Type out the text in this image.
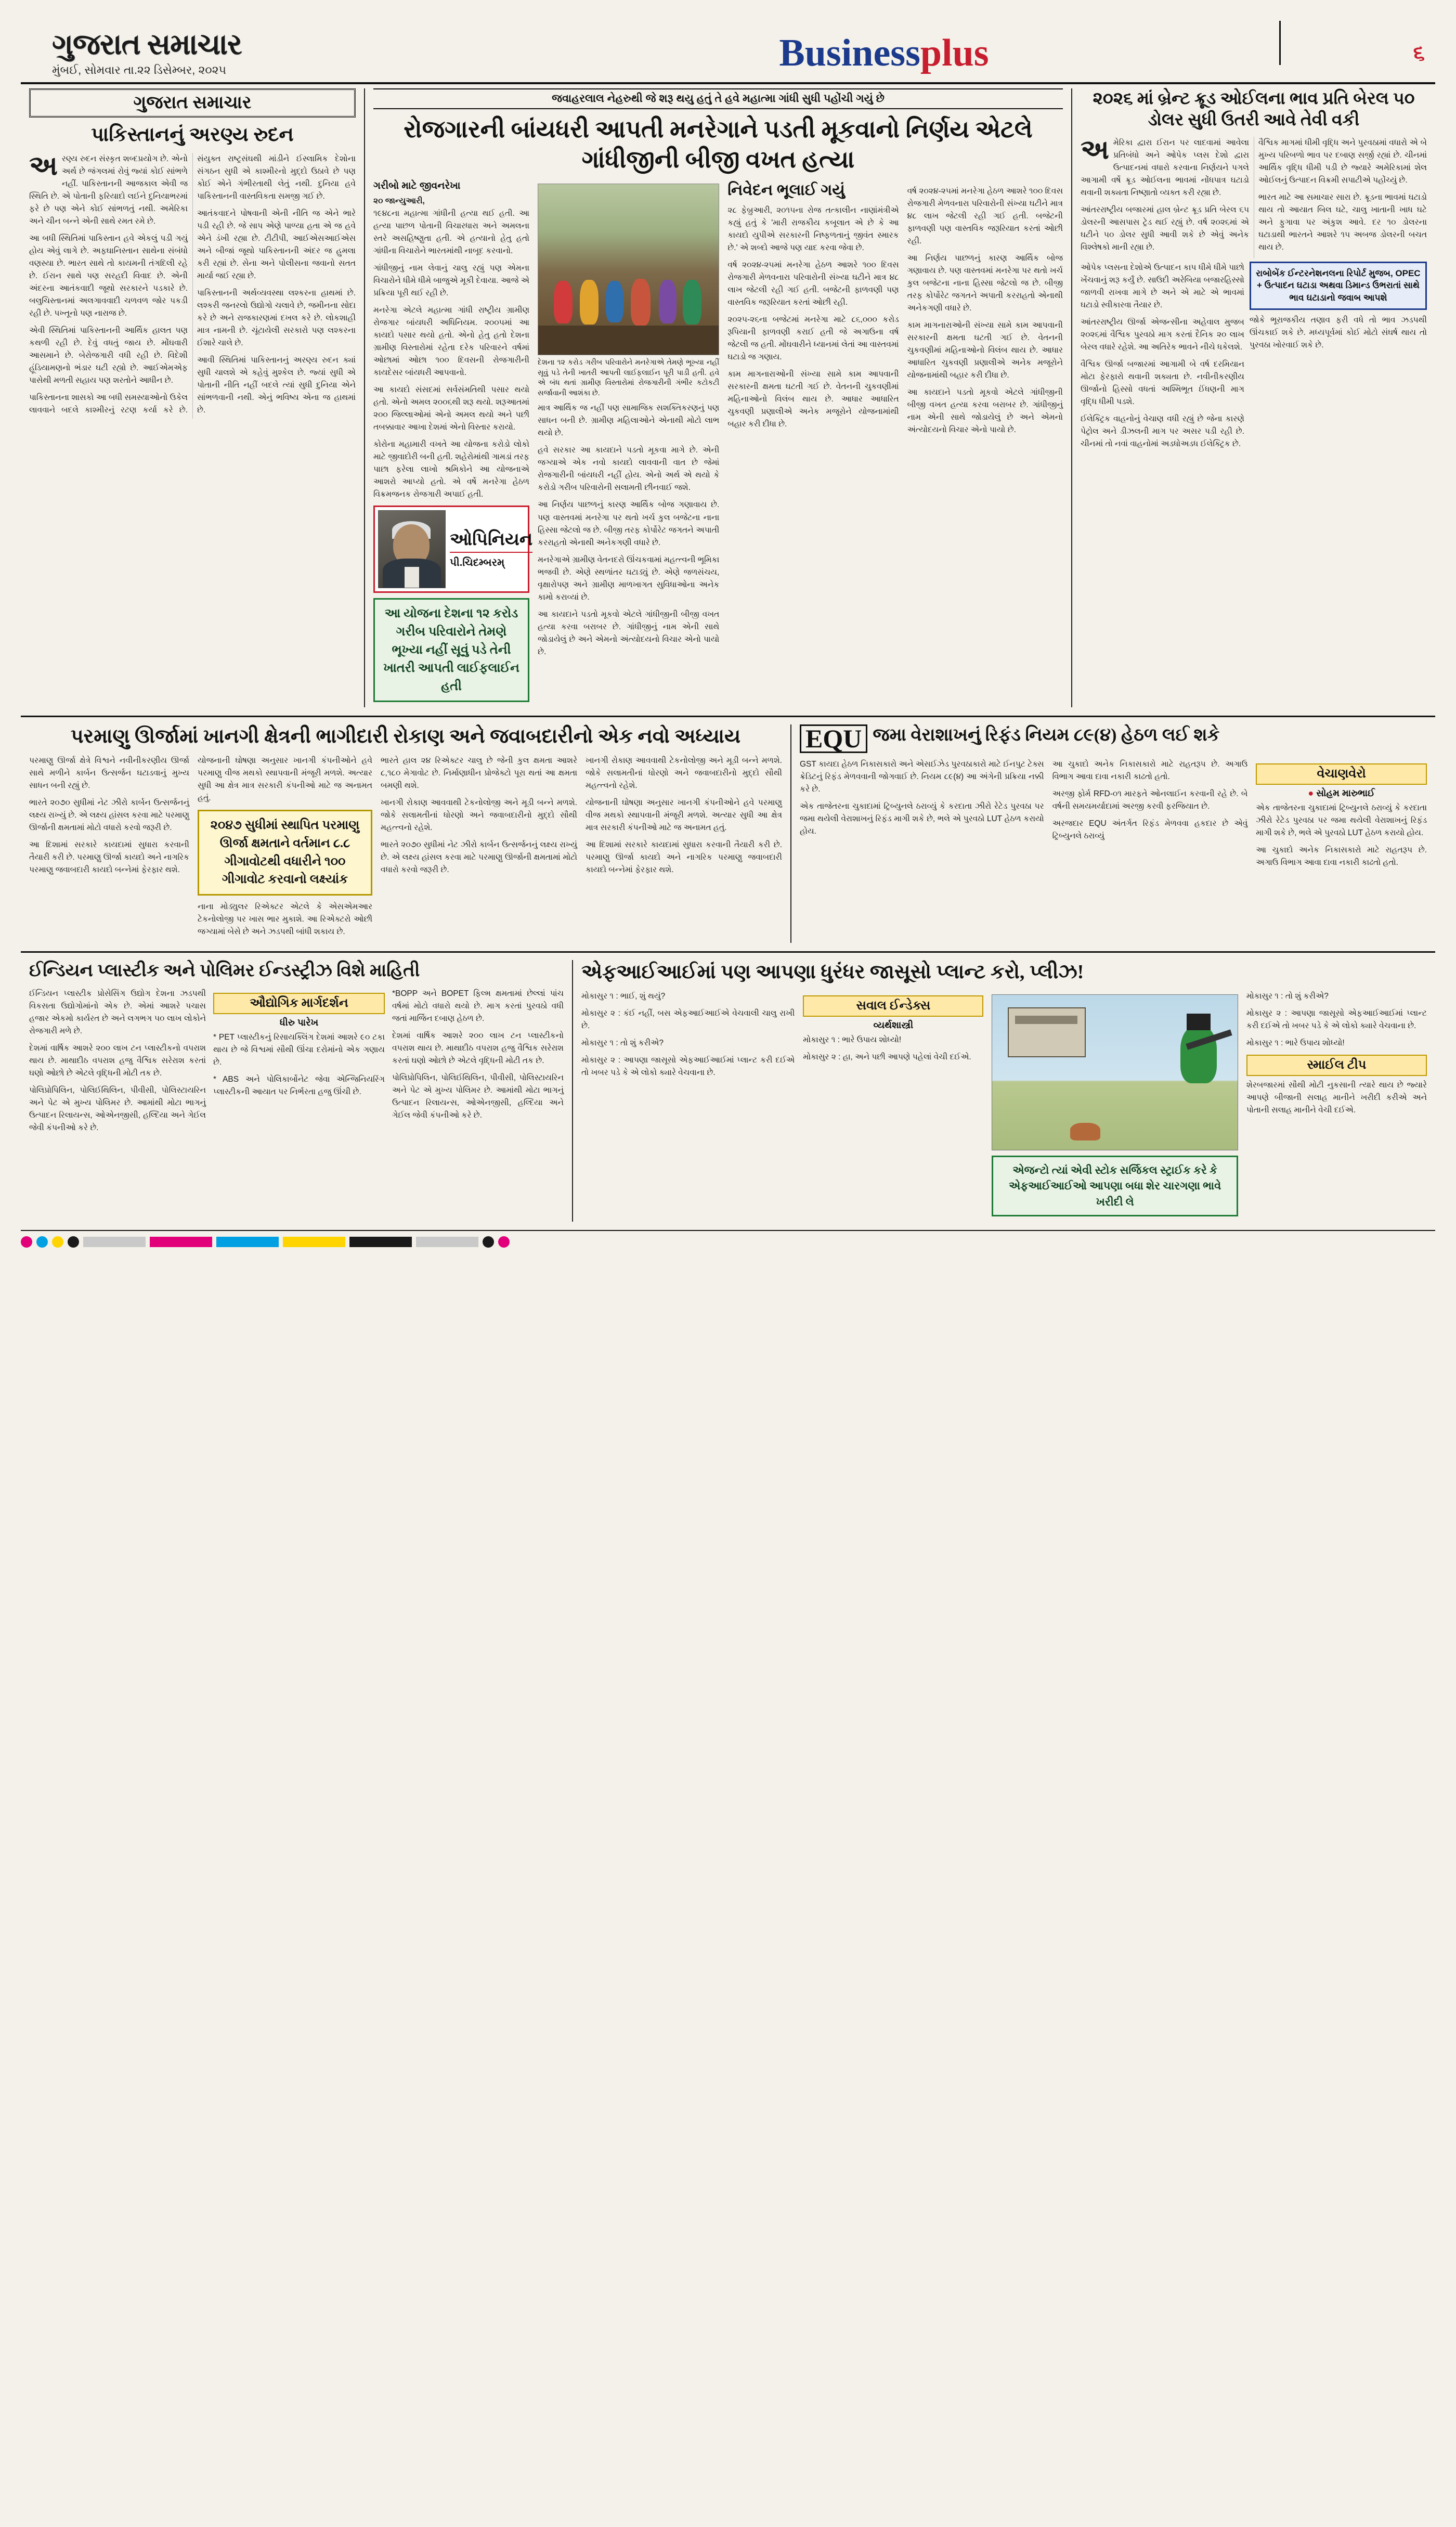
ગુજરાત સમાચાર
મુંબઈ, સોમવાર તા.૨૨ ડિસેમ્બર, ૨૦૨૫	Businessplus	૬
ગુજરાત સમાચાર
પાકિસ્તાનનું અરણ્ય રુદન

અરણ્ય રુદન સંસ્કૃત શબ્દપ્રયોગ છે. એનો અર્થ છે જંગલમાં રોવું જ્યાં કોઈ સાંભળે નહીં. પાકિસ્તાનની આજકાલ એવી જ સ્થિતિ છે. એ પોતાની ફરિયાદો લઈને દુનિયાભરમાં ફરે છે પણ એને કોઈ સાંભળતું નથી. અમેરિકા અને ચીન બન્ને એની સાથે રમત રમે છે.

આ બધી સ્થિતિમાં પાકિસ્તાન હવે એકલું પડી ગયું હોય એવું લાગે છે. અફઘાનિસ્તાન સાથેના સંબંધો વણસ્યા છે. ભારત સાથે તો કાયમની તંગદિલી રહે છે. ઈરાન સાથે પણ સરહદી વિવાદ છે. એની અંદરના આતંકવાદી જૂથો સરકારને પડકારે છે. બલુચિસ્તાનમાં અલગાવવાદી ચળવળ જોર પકડી રહી છે. પખ્તૂનો પણ નારાજ છે.

એવી સ્થિતિમાં પાકિસ્તાનની આર્થિક હાલત પણ કથળી રહી છે. દેવું વધતું જાય છે. મોંઘવારી આસમાને છે. બેરોજગારી વધી રહી છે. વિદેશી હૂંડિયામણનો ભંડાર ઘટી રહ્યો છે. આઈએમએફ પાસેથી મળતી સહાય પણ શરતોને આધીન છે.

પાકિસ્તાનના શાસકો આ બધી સમસ્યાઓનો ઉકેલ લાવવાને બદલે કાશ્મીરનું રટણ કર્યા કરે છે. સંયુક્ત રાષ્ટ્રસંઘથી માંડીને ઈસ્લામિક દેશોના સંગઠન સુધી એ કાશ્મીરનો મુદ્દો ઉઠાવે છે પણ કોઈ એને ગંભીરતાથી લેતું નથી. દુનિયા હવે પાકિસ્તાનની વાસ્તવિકતા સમજી ગઈ છે.

આતંકવાદને પોષવાની એની નીતિ જ એને ભારે પડી રહી છે. જે સાપ એણે પાળ્યા હતા એ જ હવે એને ડંખી રહ્યા છે. ટીટીપી, આઈએસઆઈએસ અને બીજાં જૂથો પાકિસ્તાનની અંદર જ હુમલા કરી રહ્યાં છે. સેના અને પોલીસના જવાનો સતત માર્યા જઈ રહ્યા છે.

પાકિસ્તાનની અર્થવ્યવસ્થા લશ્કરના હાથમાં છે. લશ્કરી જનરલો ઉદ્યોગો ચલાવે છે, જમીનના સોદા કરે છે અને રાજકારણમાં દખલ કરે છે. લોકશાહી માત્ર નામની છે. ચૂંટાયેલી સરકારો પણ લશ્કરના ઈશારે ચાલે છે.

આવી સ્થિતિમાં પાકિસ્તાનનું અરણ્ય રુદન ક્યાં સુધી ચાલશે એ કહેવું મુશ્કેલ છે. જ્યાં સુધી એ પોતાની નીતિ નહીં બદલે ત્યાં સુધી દુનિયા એને સાંભળવાની નથી. એનું ભવિષ્ય એના જ હાથમાં છે.

જવાહરલાલ નેહરુથી જે શરૂ થયુ હતું તે હવે મહાત્મા ગાંધી સુધી પહોંચી ગયું છે
રોજગારની બાંયધરી આપતી મનરેગાને પડતી મૂકવાનો નિર્ણય એટલે ગાંધીજીની બીજી વખત હત્યા
ગરીબો માટે જીવનરેખા

૨૦ જાન્યુઆરી,

૧૯૪૮ના મહાત્મા ગાંધીની હત્યા થઈ હતી. આ હત્યા પાછળ પોતાની વિચારધારા અને અમલના સ્તરે અસહિષ્ણુતા હતી. એ હત્યાનો હેતુ હતો ગાંધીના વિચારોને ભારતમાંથી નાબૂદ કરવાનો.

ગાંધીજીનું નામ લેવાનું ચાલુ રહ્યું પણ એમના વિચારોને ધીમે ધીમે બાજુએ મૂકી દેવાયા. આજે એ પ્રક્રિયા પૂરી થઈ રહી છે.

મનરેગા એટલે મહાત્મા ગાંધી રાષ્ટ્રીય ગ્રામીણ રોજગાર બાંયધરી અધિનિયમ. ૨૦૦૫માં આ કાયદો પસાર થયો હતો. એનો હેતુ હતો દેશના ગ્રામીણ વિસ્તારોમાં રહેતા દરેક પરિવારને વર્ષમાં ઓછામાં ઓછા ૧૦૦ દિવસની રોજગારીની કાયદેસર બાંયધરી આપવાનો.

આ કાયદો સંસદમાં સર્વસંમતિથી પસાર થયો હતો. એનો અમલ ૨૦૦૬થી શરૂ થયો. શરૂઆતમાં ૨૦૦ જિલ્લાઓમાં એનો અમલ થયો અને પછી તબક્કાવાર આખા દેશમાં એનો વિસ્તાર કરાયો.

કોરોના મહામારી વખતે આ યોજના કરોડો લોકો માટે જીવાદોરી બની હતી. શહેરોમાંથી ગામડાં તરફ પાછા ફરેલા લાખો શ્રમિકોને આ યોજનાએ આશરો આપ્યો હતો. એ વર્ષે મનરેગા હેઠળ વિક્રમજનક રોજગારી અપાઈ હતી.

ઓપિનિયન
પી.ચિદમ્બરમ્
આ યોજના દેશના ૧૨ કરોડ ગરીબ પરિવારોને તેમણે ભૂખ્યા નહીં સૂવું પડે તેની ખાતરી આપતી લાઈફલાઈન હતી
દેશના ૧૨ કરોડ ગરીબ પરિવારોને મનરેગાએ તેમણે ભૂખ્યા નહીં સૂવું પડે તેની ખાતરી આપતી લાઈફલાઈન પૂરી પાડી હતી. હવે એ બંધ થતાં ગ્રામીણ વિસ્તારોમાં રોજગારીની ગંભીર કટોકટી સર્જાવાની આશંકા છે.

માત્ર આર્થિક જ નહીં પણ સામાજિક સશક્તિકરણનું પણ સાધન બની છે. ગ્રામીણ મહિલાઓને એનાથી મોટો લાભ થયો છે.

હવે સરકાર આ કાયદાને પડતો મૂકવા માગે છે. એની જગ્યાએ એક નવો કાયદો લાવવાની વાત છે જેમાં રોજગારીની બાંયધરી નહીં હોય. એનો અર્થ એ થયો કે કરોડો ગરીબ પરિવારોની સલામતી છીનવાઈ જશે.

આ નિર્ણય પાછળનું કારણ આર્થિક બોજ ગણાવાય છે. પણ વાસ્તવમાં મનરેગા પર થતો ખર્ચ કુલ બજેટના નાના હિસ્સા જેટલો જ છે. બીજી તરફ કોર્પોરેટ જગતને અપાતી કરરાહતો એનાથી અનેકગણી વધારે છે.

મનરેગાએ ગ્રામીણ વેતનદરો ઊંચકવામાં મહત્ત્વની ભૂમિકા ભજવી છે. એણે સ્થળાંતર ઘટાડ્યું છે. એણે જળસંચય, વૃક્ષારોપણ અને ગ્રામીણ માળખાગત સુવિધાઓના અનેક કામો કરાવ્યાં છે.

આ કાયદાને પડતો મૂકવો એટલે ગાંધીજીની બીજી વખત હત્યા કરવા બરાબર છે. ગાંધીજીનું નામ એની સાથે જોડાયેલું છે અને એમનો અંત્યોદયનો વિચાર એનો પાયો છે.

નિવેદન ભૂલાઈ ગયું

૨૮ ફેબ્રુઆરી, ૨૦૧૫ના રોજ તત્કાલીન નાણાંમંત્રીએ કહ્યું હતું કે 'મારી રાજકીય કબૂલાત એ છે કે આ કાયદો યુપીએ સરકારની નિષ્ફળતાનું જીવંત સ્મારક છે.' એ શબ્દો આજે પણ યાદ કરવા જેવા છે.

વર્ષ ૨૦૨૪-૨૫માં મનરેગા હેઠળ આશરે ૧૦૦ દિવસ રોજગારી મેળવનારા પરિવારોની સંખ્યા ઘટીને માત્ર ૪૮ લાખ જેટલી રહી ગઈ હતી. બજેટની ફાળવણી પણ વાસ્તવિક જરૂરિયાત કરતાં ઓછી રહી.

૨૦૨૫-૨૬ના બજેટમાં મનરેગા માટે ૮૬,૦૦૦ કરોડ રૂપિયાની ફાળવણી કરાઈ હતી જે અગાઉના વર્ષ જેટલી જ હતી. મોંઘવારીને ધ્યાનમાં લેતાં આ વાસ્તવમાં ઘટાડો જ ગણાય.

કામ માગનારાઓની સંખ્યા સામે કામ આપવાની સરકારની ક્ષમતા ઘટતી ગઈ છે. વેતનની ચુકવણીમાં મહિનાઓનો વિલંબ થાય છે. આધાર આધારિત ચુકવણી પ્રણાલીએ અનેક મજૂરોને યોજનામાંથી બહાર કરી દીધા છે.

વર્ષ ૨૦૨૪-૨૫માં મનરેગા હેઠળ આશરે ૧૦૦ દિવસ રોજગારી મેળવનારા પરિવારોની સંખ્યા ઘટીને માત્ર ૪૮ લાખ જેટલી રહી ગઈ હતી. બજેટની ફાળવણી પણ વાસ્તવિક જરૂરિયાત કરતાં ઓછી રહી.

આ નિર્ણય પાછળનું કારણ આર્થિક બોજ ગણાવાય છે. પણ વાસ્તવમાં મનરેગા પર થતો ખર્ચ કુલ બજેટના નાના હિસ્સા જેટલો જ છે. બીજી તરફ કોર્પોરેટ જગતને અપાતી કરરાહતો એનાથી અનેકગણી વધારે છે.

કામ માગનારાઓની સંખ્યા સામે કામ આપવાની સરકારની ક્ષમતા ઘટતી ગઈ છે. વેતનની ચુકવણીમાં મહિનાઓનો વિલંબ થાય છે. આધાર આધારિત ચુકવણી પ્રણાલીએ અનેક મજૂરોને યોજનામાંથી બહાર કરી દીધા છે.

આ કાયદાને પડતો મૂકવો એટલે ગાંધીજીની બીજી વખત હત્યા કરવા બરાબર છે. ગાંધીજીનું નામ એની સાથે જોડાયેલું છે અને એમનો અંત્યોદયનો વિચાર એનો પાયો છે.

૨૦૨૬ માં બ્રેન્ટ ક્રૂડ ઓઈલના ભાવ પ્રતિ બેરલ ૫૦ ડોલર સુધી ઉતરી આવે તેવી વકી

અમેરિકા દ્વારા ઈરાન પર લાદવામાં આવેલા પ્રતિબંધો અને ઓપેક પ્લસ દેશો દ્વારા ઉત્પાદનમાં વધારો કરવાના નિર્ણયને પગલે આગામી વર્ષે ક્રૂડ ઓઈલના ભાવમાં નોંધપાત્ર ઘટાડો થવાની શક્યતા નિષ્ણાતો વ્યક્ત કરી રહ્યા છે.

આંતરરાષ્ટ્રીય બજારમાં હાલ બ્રેન્ટ ક્રૂડ પ્રતિ બેરલ ૬૫ ડોલરની આસપાસ ટ્રેડ થઈ રહ્યું છે. વર્ષ ૨૦૨૬માં એ ઘટીને ૫૦ ડોલર સુધી આવી શકે છે એવું અનેક વિશ્લેષકો માની રહ્યા છે.

વૈશ્વિક માગમાં ધીમી વૃદ્ધિ અને પુરવઠામાં વધારો એ બે મુખ્ય પરિબળો ભાવ પર દબાણ સર્જી રહ્યાં છે. ચીનમાં આર્થિક વૃદ્ધિ ધીમી પડી છે જ્યારે અમેરિકામાં શેલ ઓઈલનું ઉત્પાદન વિક્રમી સપાટીએ પહોંચ્યું છે.

ભારત માટે આ સમાચાર સારા છે. ક્રૂડના ભાવમાં ઘટાડો થાય તો આયાત બિલ ઘટે, ચાલુ ખાતાની ખાધ ઘટે અને ફુગાવા પર અંકુશ આવે. દર ૧૦ ડોલરના ઘટાડાથી ભારતને આશરે ૧૫ અબજ ડોલરની બચત થાય છે.

ઓપેક પ્લસના દેશોએ ઉત્પાદન કાપ ધીમે ધીમે પાછો ખેંચવાનું શરૂ કર્યું છે. સાઉદી અરેબિયા બજારહિસ્સો જાળવી રાખવા માગે છે અને એ માટે એ ભાવમાં ઘટાડો સ્વીકારવા તૈયાર છે.

આંતરરાષ્ટ્રીય ઊર્જા એજન્સીના અહેવાલ મુજબ ૨૦૨૬માં વૈશ્વિક પુરવઠો માગ કરતાં દૈનિક ૨૦ લાખ બેરલ વધારે રહેશે. આ અતિરેક ભાવને નીચે ધકેલશે.

વૈશ્વિક ઊર્જા બજારમાં આગામી બે વર્ષ દરમિયાન મોટા ફેરફારો થવાની શક્યતા છે. નવીનીકરણીય ઊર્જાનો હિસ્સો વધતાં અશ્મિભૂત ઈંધણની માગ વૃદ્ધિ ધીમી પડશે.

ઈલેક્ટ્રિક વાહનોનું વેચાણ વધી રહ્યું છે જેના કારણે પેટ્રોલ અને ડીઝલની માગ પર અસર પડી રહી છે. ચીનમાં તો નવાં વાહનોમાં અડધોઅડધ ઈલેક્ટ્રિક છે.

રાબોબેંક ઈન્ટરનેશનલના રિપોર્ટ મુજબ, OPEC + ઉત્પાદન ઘટાડા અથવા ડિમાન્ડ ઉભરાતાં સાથે ભાવ ઘટાડાનો જવાબ આપશે

જોકે ભૂરાજકીય તણાવ ફરી વધે તો ભાવ ઝડપથી ઊંચકાઈ શકે છે. મધ્યપૂર્વમાં કોઈ મોટો સંઘર્ષ થાય તો પુરવઠા ખોરવાઈ શકે છે.

પરમાણુ ઊર્જામાં ખાનગી ક્ષેત્રની ભાગીદારી રોકાણ અને જવાબદારીનો એક નવો અધ્યાય

પરમાણુ ઊર્જા ક્ષેત્રે વિશ્વને નવીનીકરણીય ઊર્જા સાથે મળીને કાર્બન ઉત્સર્જન ઘટાડવાનું મુખ્ય સાધન બની રહ્યું છે.

ભારતે ૨૦૭૦ સુધીમાં નેટ ઝીરો કાર્બન ઉત્સર્જનનું લક્ષ્ય રાખ્યું છે. એ લક્ષ્ય હાંસલ કરવા માટે પરમાણુ ઊર્જાની ક્ષમતામાં મોટો વધારો કરવો જરૂરી છે.

આ દિશામાં સરકારે કાયદામાં સુધારા કરવાની તૈયારી કરી છે. પરમાણુ ઊર્જા કાયદો અને નાગરિક પરમાણુ જવાબદારી કાયદો બન્નેમાં ફેરફાર થશે.

યોજનાની ઘોષણા અનુસાર ખાનગી કંપનીઓને હવે પરમાણુ વીજ મથકો સ્થાપવાની મંજૂરી મળશે. અત્યાર સુધી આ ક્ષેત્ર માત્ર સરકારી કંપનીઓ માટે જ અનામત હતું.

૨૦૪૭ સુધીમાં સ્થાપિત પરમાણુ ઊર્જા ક્ષમતાને વર્તમાન ૮.૮ ગીગાવોટથી વધારીને ૧૦૦ ગીગાવોટ કરવાનો લક્ષ્યાંક

નાના મોડ્યુલર રિએક્ટર એટલે કે એસએમઆર ટેકનોલોજી પર ખાસ ભાર મુકાશે. આ રિએક્ટરો ઓછી જગ્યામાં બેસે છે અને ઝડપથી બાંધી શકાય છે.

ભારતે હાલ ૨૪ રિએક્ટર ચાલુ છે જેની કુલ ક્ષમતા આશરે ૮,૧૮૦ મેગાવોટ છે. નિર્માણાધીન પ્રોજેક્ટો પૂરા થતાં આ ક્ષમતા બમણી થશે.

ખાનગી રોકાણ આવવાથી ટેકનોલોજી અને મૂડી બન્ને મળશે. જોકે સલામતીનાં ધોરણો અને જવાબદારીનો મુદ્દો સૌથી મહત્ત્વનો રહેશે.

ભારતે ૨૦૭૦ સુધીમાં નેટ ઝીરો કાર્બન ઉત્સર્જનનું લક્ષ્ય રાખ્યું છે. એ લક્ષ્ય હાંસલ કરવા માટે પરમાણુ ઊર્જાની ક્ષમતામાં મોટો વધારો કરવો જરૂરી છે.

ખાનગી રોકાણ આવવાથી ટેકનોલોજી અને મૂડી બન્ને મળશે. જોકે સલામતીનાં ધોરણો અને જવાબદારીનો મુદ્દો સૌથી મહત્ત્વનો રહેશે.

યોજનાની ઘોષણા અનુસાર ખાનગી કંપનીઓને હવે પરમાણુ વીજ મથકો સ્થાપવાની મંજૂરી મળશે. અત્યાર સુધી આ ક્ષેત્ર માત્ર સરકારી કંપનીઓ માટે જ અનામત હતું.

આ દિશામાં સરકારે કાયદામાં સુધારા કરવાની તૈયારી કરી છે. પરમાણુ ઊર્જા કાયદો અને નાગરિક પરમાણુ જવાબદારી કાયદો બન્નેમાં ફેરફાર થશે.

EQU જમા વેરાશાખનું રિફંડ નિયમ ૮૯(૪) હેઠળ લઈ શકે

GST કાયદા હેઠળ નિકાસકારો અને એસઈઝેડ પુરવઠાકારો માટે ઈનપુટ ટેક્સ ક્રેડિટનું રિફંડ મેળવવાની જોગવાઈ છે. નિયમ ૮૯(૪) આ અંગેની પ્રક્રિયા નક્કી કરે છે.

એક તાજેતરના ચુકાદામાં ટ્રિબ્યુનલે ઠરાવ્યું કે કરદાતા ઝીરો રેટેડ પુરવઠા પર જમા થયેલી વેરાશાખનું રિફંડ માગી શકે છે, ભલે એ પુરવઠો LUT હેઠળ કરાયો હોય.

આ ચુકાદો અનેક નિકાસકારો માટે રાહતરૂપ છે. અગાઉ વિભાગ આવા દાવા નકારી કાઢતો હતો.

અરજી ફોર્મ RFD-૦૧ મારફતે ઓનલાઈન કરવાની રહે છે. બે વર્ષની સમયમર્યાદામાં અરજી કરવી ફરજિયાત છે.

અરજદાર EQU અંતર્ગત રિફંડ મેળવવા હકદાર છે એવું ટ્રિબ્યુનલે ઠરાવ્યું

વેચાણવેરો
● સોહમ મારુભાઈ

એક તાજેતરના ચુકાદામાં ટ્રિબ્યુનલે ઠરાવ્યું કે કરદાતા ઝીરો રેટેડ પુરવઠા પર જમા થયેલી વેરાશાખનું રિફંડ માગી શકે છે, ભલે એ પુરવઠો LUT હેઠળ કરાયો હોય.

આ ચુકાદો અનેક નિકાસકારો માટે રાહતરૂપ છે. અગાઉ વિભાગ આવા દાવા નકારી કાઢતો હતો.

ઈન્ડિયન પ્લાસ્ટીક અને પોલિમર ઈન્ડસ્ટ્રીઝ વિશે માહિતી

ઈન્ડિયન પ્લાસ્ટીક પ્રોસેસિંગ ઉદ્યોગ દેશના ઝડપથી વિકસતા ઉદ્યોગોમાંનો એક છે. એમાં આશરે પચાસ હજાર એકમો કાર્યરત છે અને લગભગ ૫૦ લાખ લોકોને રોજગારી મળે છે.

દેશમાં વાર્ષિક આશરે ૨૦૦ લાખ ટન પ્લાસ્ટીકનો વપરાશ થાય છે. માથાદીઠ વપરાશ હજુ વૈશ્વિક સરેરાશ કરતાં ઘણો ઓછો છે એટલે વૃદ્ધિની મોટી તક છે.

પોલિપ્રોપિલિન, પોલિઈથિલિન, પીવીસી, પોલિસ્ટાયરિન અને પેટ એ મુખ્ય પોલિમર છે. આમાંથી મોટા ભાગનું ઉત્પાદન રિલાયન્સ, ઓએનજીસી, હલ્દિયા અને ગેઈલ જેવી કંપનીઓ કરે છે.

ઔદ્યોગિક માર્ગદર્શન
ધીરુ પારેખ

* PET પ્લાસ્ટીકનું રિસાયક્લિંગ દેશમાં આશરે ૯૦ ટકા થાય છે જે વિશ્વમાં સૌથી ઊંચા દરોમાંનો એક ગણાય છે.

* ABS અને પોલિકાર્બોનેટ જેવા એન્જિનિયરિંગ પ્લાસ્ટીકની આયાત પર નિર્ભરતા હજુ ઊંચી છે.

*BOPP અને BOPET ફિલ્મ ક્ષમતામાં છેલ્લાં પાંચ વર્ષમાં મોટો વધારો થયો છે. માગ કરતાં પુરવઠો વધી જતાં માર્જિન દબાણ હેઠળ છે.

દેશમાં વાર્ષિક આશરે ૨૦૦ લાખ ટન પ્લાસ્ટીકનો વપરાશ થાય છે. માથાદીઠ વપરાશ હજુ વૈશ્વિક સરેરાશ કરતાં ઘણો ઓછો છે એટલે વૃદ્ધિની મોટી તક છે.

પોલિપ્રોપિલિન, પોલિઈથિલિન, પીવીસી, પોલિસ્ટાયરિન અને પેટ એ મુખ્ય પોલિમર છે. આમાંથી મોટા ભાગનું ઉત્પાદન રિલાયન્સ, ઓએનજીસી, હલ્દિયા અને ગેઈલ જેવી કંપનીઓ કરે છે.

એફઆઈઆઈમાં પણ આપણા ધુરંધર જાસૂસો પ્લાન્ટ કરો, પ્લીઝ!

મોકાસુર ૧ : ભાઈ, શું થયું?

મોકાસુર ૨ : કંઈ નહીં, બસ એફઆઈઆઈએ વેચવાલી ચાલુ રાખી છે.

મોકાસુર ૧ : તો શું કરીએ?

મોકાસુર ૨ : આપણા જાસૂસો એફઆઈઆઈમાં પ્લાન્ટ કરી દઈએ તો ખબર પડે કે એ લોકો ક્યારે વેચવાના છે.

સવાલ ઈન્ડેક્સ
વ્યર્થશાસ્ત્રી

મોકાસુર ૧ : ભારે ઉપાય શોધ્યો!

મોકાસુર ૨ : હા, અને પછી આપણે પહેલાં વેચી દઈએ.

એજન્ટો ત્યાં એવી સ્ટોક સર્જિકલ સ્ટ્રાઈક કરે કે એફઆઈઆઈઓ આપણા બધા શેર ચારગણા ભાવે ખરીદી લે

મોકાસુર ૧ : તો શું કરીએ?

મોકાસુર ૨ : આપણા જાસૂસો એફઆઈઆઈમાં પ્લાન્ટ કરી દઈએ તો ખબર પડે કે એ લોકો ક્યારે વેચવાના છે.

મોકાસુર ૧ : ભારે ઉપાય શોધ્યો!

સ્માઈલ ટીપ

શેરબજારમાં સૌથી મોટી નુકસાની ત્યારે થાય છે જ્યારે આપણે બીજાની સલાહ માનીને ખરીદી કરીએ અને પોતાની સલાહ માનીને વેચી દઈએ.
